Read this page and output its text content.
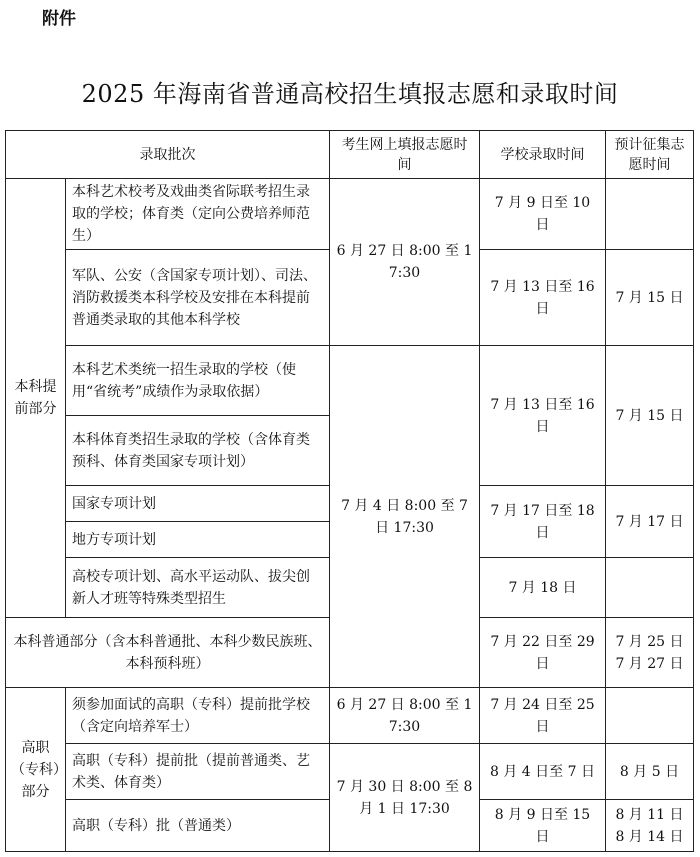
附件
2025 年海南省普通高校招生填报志愿和录取时间
录取批次		考生网上填报志愿时间	学校录取时间	预计征集志愿时间
本科提前部分	本科艺术校考及戏曲类省际联考招生录取的学校；体育类（定向公费培养师范生）	6 月 27 日 8:00 至 17:30	7 月 9 日至 10 日	
	军队、公安（含国家专项计划）、司法、消防救援类本科学校及安排在本科提前普通类录取的其他本科学校		7 月 13 日至 16 日	7 月 15 日
	本科艺术类统一招生录取的学校（使用“省统考”成绩作为录取依据）	7 月 4 日 8:00 至 7 日 17:30	7 月 13 日至 16 日	7 月 15 日
	本科体育类招生录取的学校（含体育类预科、体育类国家专项计划）			
	国家专项计划		7 月 17 日至 18 日	7 月 17 日
	地方专项计划			
	高校专项计划、高水平运动队、拔尖创新人才班等特殊类型招生		7 月 18 日	
本科普通部分（含本科普通批、本科少数民族班、本科预科班）			7 月 22 日至 29 日	7 月 25 日 7 月 27 日
高职（专科）部分	须参加面试的高职（专科）提前批学校（含定向培养军士）	6 月 27 日 8:00 至 17:30	7 月 24 日至 25 日	
	高职（专科）提前批（提前普通类、艺术类、体育类）	7 月 30 日 8:00 至 8 月 1 日 17:30	8 月 4 日至 7 日	8 月 5 日
	高职（专科）批（普通类）		8 月 9 日至 15 日	8 月 11 日 8 月 14 日
